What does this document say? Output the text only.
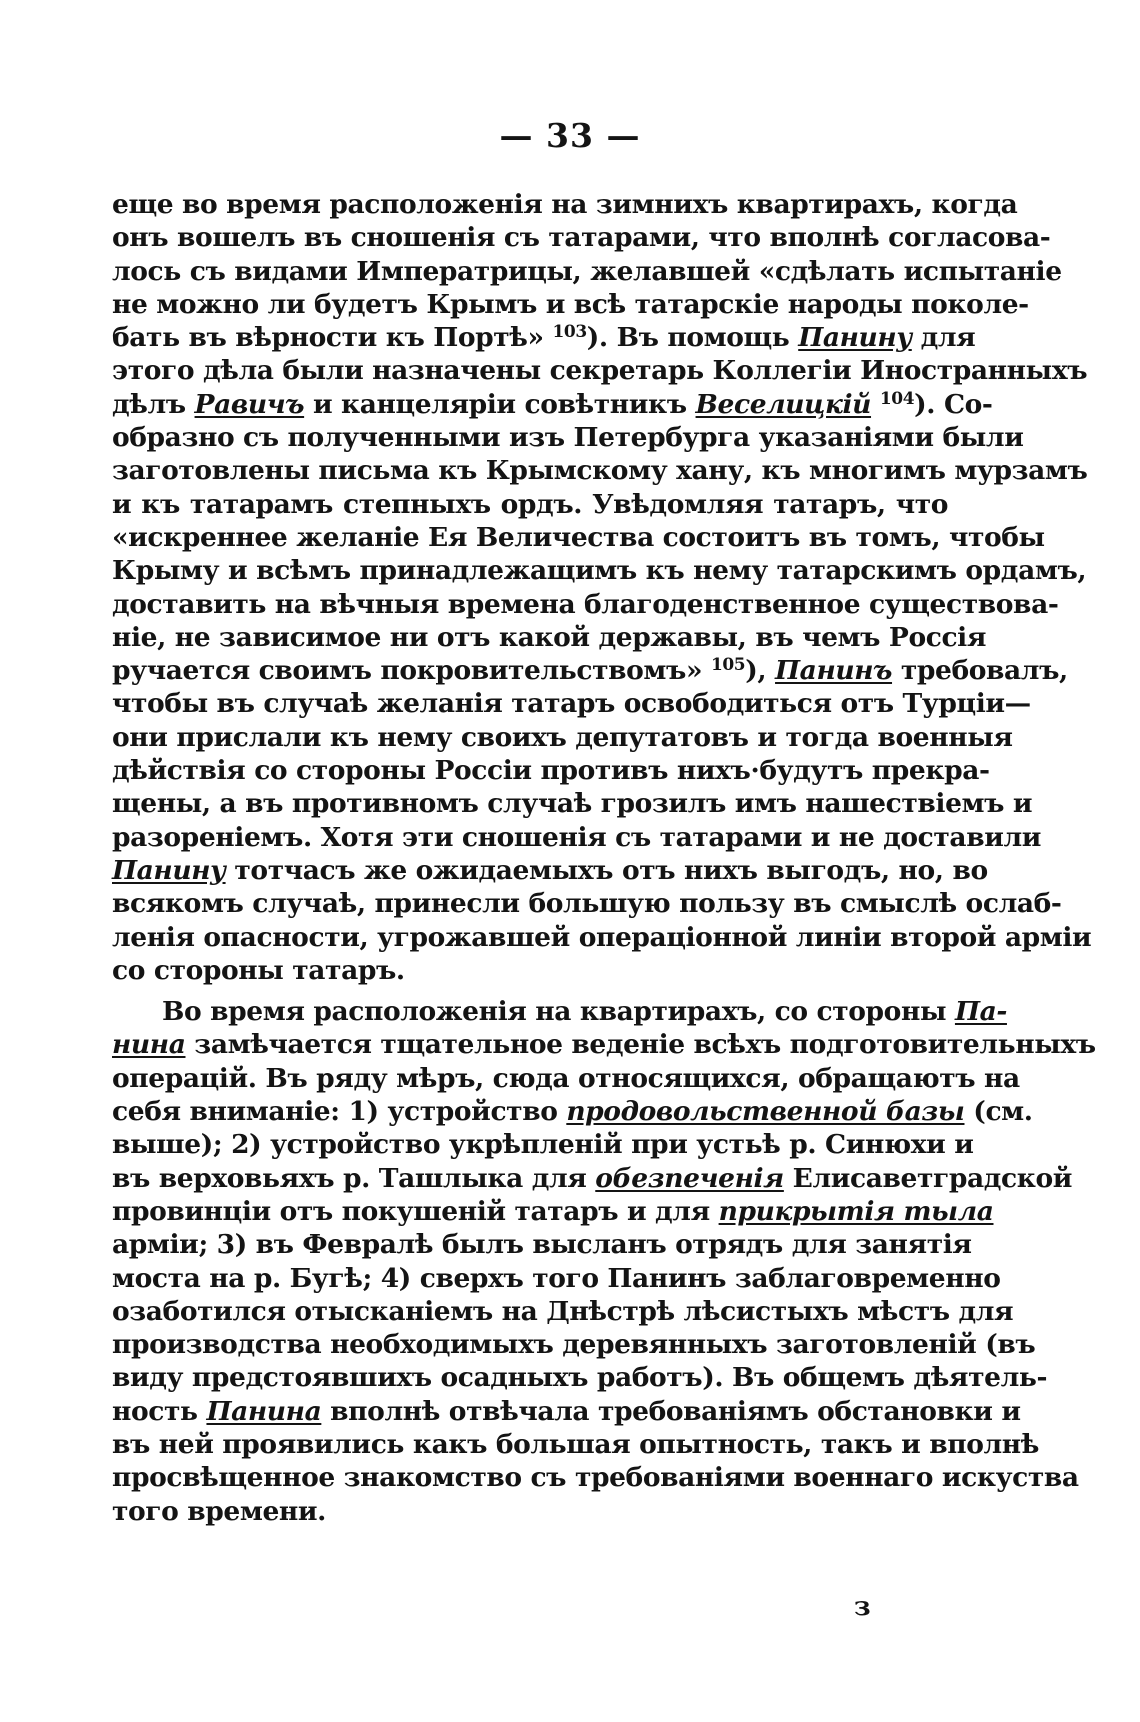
— 33 —
еще во время расположенія на зимнихъ квартирахъ, когда
онъ вошелъ въ сношенія съ татарами, что вполнѣ согласова-
лось съ видами Императрицы, желавшей «сдѣлать испытаніе
не можно ли будетъ Крымъ и всѣ татарскіе народы поколе-
бать въ вѣрности къ Портѣ» $^{103}$). Въ помощь Панину для
этого дѣла были назначены секретарь Коллегіи Иностранныхъ
дѣлъ Равичъ и канцеляріи совѣтникъ Веселицкій $^{104}$). Со-
образно съ полученными изъ Петербурга указаніями были
заготовлены письма къ Крымскому хану, къ многимъ мурзамъ
и къ татарамъ степныхъ ордъ. Увѣдомляя татаръ, что
«искреннее желаніе Ея Величества состоитъ въ томъ, чтобы
Крыму и всѣмъ принадлежащимъ къ нему татарскимъ ордамъ,
доставить на вѣчныя времена благоденственное существова-
ніе, не зависимое ни отъ какой державы, въ чемъ Россія
ручается своимъ покровительствомъ» $^{105}$), Панинъ требовалъ,
чтобы въ случаѣ желанія татаръ освободиться отъ Турціи—
они прислали къ нему своихъ депутатовъ и тогда военныя
дѣйствія со стороны Россіи противъ нихъ·будутъ прекра-
щены, а въ противномъ случаѣ грозилъ имъ нашествіемъ и
разореніемъ. Хотя эти сношенія съ татарами и не доставили
Панину тотчасъ же ожидаемыхъ отъ нихъ выгодъ, но, во
всякомъ случаѣ, принесли большую пользу въ смыслѣ ослаб-
ленія опасности, угрожавшей операціонной линіи второй арміи
со стороны татаръ.
Во время расположенія на квартирахъ, со стороны Па-
нина замѣчается тщательное веденіе всѣхъ подготовительныхъ
операцій. Въ ряду мѣръ, сюда относящихся, обращаютъ на
себя вниманіе: 1) устройство продовольственной базы (см.
выше); 2) устройство укрѣпленій при устьѣ р. Синюхи и
въ верховьяхъ р. Ташлыка для обезпеченія Елисаветградской
провинціи отъ покушеній татаръ и для прикрытія тыла
арміи; 3) въ Февралѣ былъ высланъ отрядъ для занятія
моста на р. Бугѣ; 4) сверхъ того Панинъ заблаговременно
озаботился отысканіемъ на Днѣстрѣ лѣсистыхъ мѣстъ для
производства необходимыхъ деревянныхъ заготовленій (въ
виду предстоявшихъ осадныхъ работъ). Въ общемъ дѣятель-
ность Панина вполнѣ отвѣчала требованіямъ обстановки и
въ ней проявились какъ большая опытность, такъ и вполнѣ
просвѣщенное знакомство съ требованіями военнаго искуства
того времени.
з
